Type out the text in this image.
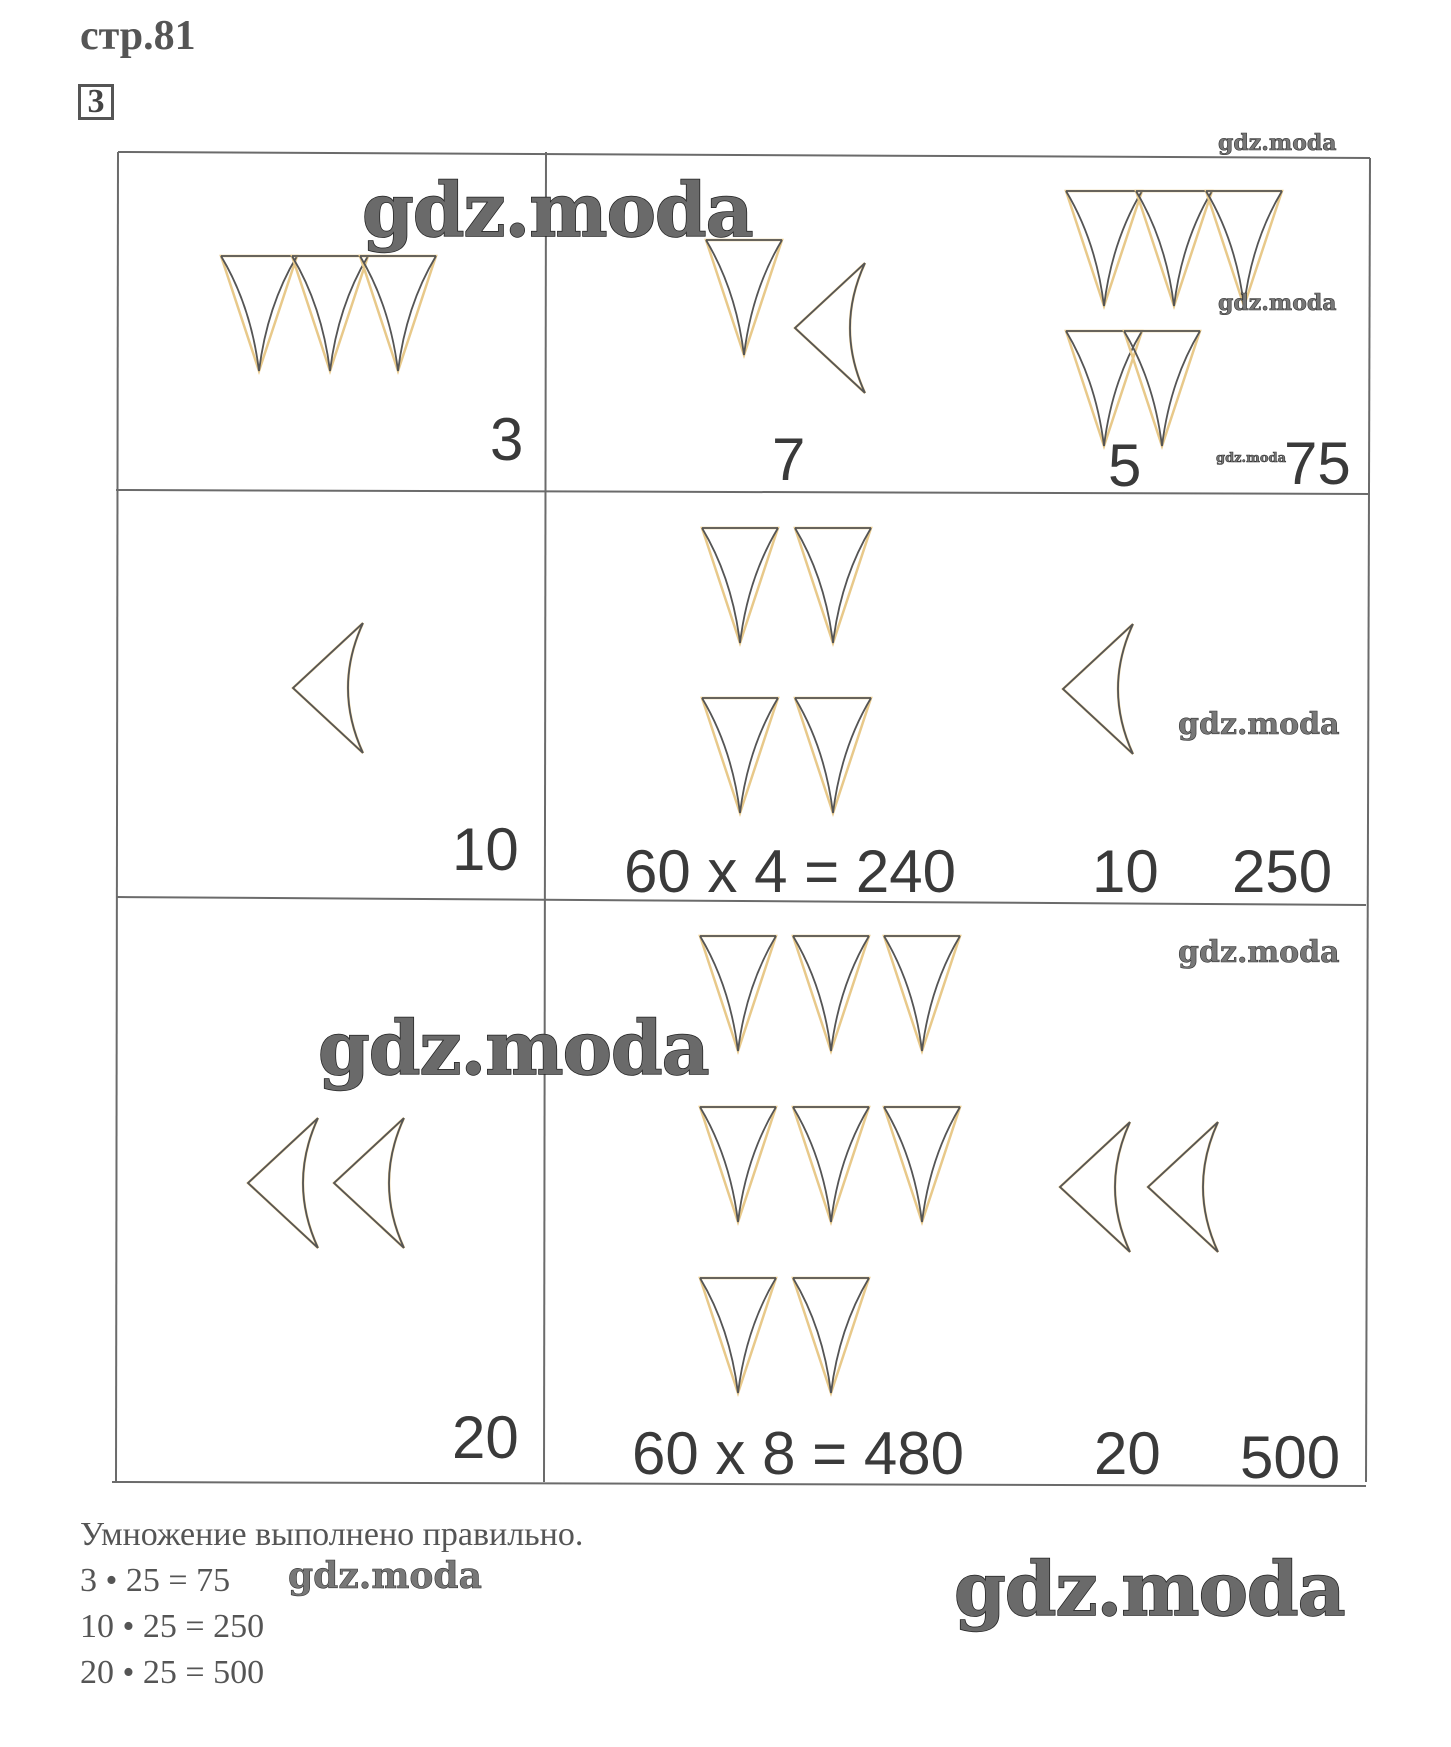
стр.81
3
3	7	5 75
10 60 x 4 = 240 10 250
20 60 x 8 = 480 20 500
gdz.moda
gdz.moda
gdz.moda
gdz.moda
gdz.moda
gdz.moda
gdz.moda
gdz.moda
gdz.moda
Умножение выполнено правильно.
3 • 25 = 75
10 • 25 = 250
20 • 25 = 500
